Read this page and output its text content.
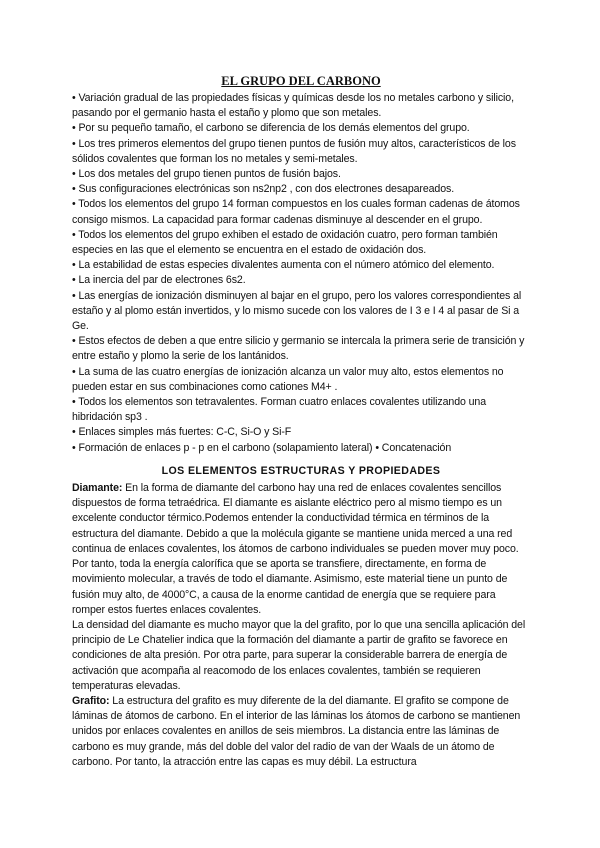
EL GRUPO DEL CARBONO

• Variación gradual de las propiedades físicas y químicas desde los no metales carbono y silicio, pasando por el germanio hasta el estaño y plomo que son metales.

• Por su pequeño tamaño, el carbono se diferencia de los demás elementos del grupo.

• Los tres primeros elementos del grupo tienen puntos de fusión muy altos, característicos de los sólidos covalentes que forman los no metales y semi-metales.

• Los dos metales del grupo tienen puntos de fusión bajos.

• Sus configuraciones electrónicas son ns2np2 , con dos electrones desapareados.

• Todos los elementos del grupo 14 forman compuestos en los cuales forman cadenas de átomos consigo mismos. La capacidad para formar cadenas disminuye al descender en el grupo.

• Todos los elementos del grupo exhiben el estado de oxidación cuatro, pero forman también especies en las que el elemento se encuentra en el estado de oxidación dos.

• La estabilidad de estas especies divalentes aumenta con el número atómico del elemento.

• La inercia del par de electrones 6s2.

• Las energías de ionización disminuyen al bajar en el grupo, pero los valores correspondientes al estaño y al plomo están invertidos, y lo mismo sucede con los valores de I 3 e I 4 al pasar de Si a Ge.

• Estos efectos de deben a que entre silicio y germanio se intercala la primera serie de transición y entre estaño y plomo la serie de los lantánidos.

• La suma de las cuatro energías de ionización alcanza un valor muy alto, estos elementos no pueden estar en sus combinaciones como cationes M4+ .

• Todos los elementos son tetravalentes. Forman cuatro enlaces covalentes utilizando una hibridación sp3 .

• Enlaces simples más fuertes: C-C, Si-O y Si-F

• Formación de enlaces p - p en el carbono (solapamiento lateral) • Concatenación

LOS ELEMENTOS ESTRUCTURAS Y PROPIEDADES

Diamante: En la forma de diamante del carbono hay una red de enlaces covalentes sencillos dispuestos de forma tetraédrica. El diamante es aislante eléctrico pero al mismo tiempo es un excelente conductor térmico.Podemos entender la conductividad térmica en términos de la estructura del diamante. Debido a que la molécula gigante se mantiene unida merced a una red continua de enlaces covalentes, los átomos de carbono individuales se pueden mover muy poco. Por tanto, toda la energía calorífica que se aporta se transfiere, directamente, en forma de movimiento molecular, a través de todo el diamante. Asimismo, este material tiene un punto de fusión muy alto, de 4000°C, a causa de la enorme cantidad de energía que se requiere para romper estos fuertes enlaces covalentes.

La densidad del diamante es mucho mayor que la del grafito, por lo que una sencilla aplicación del principio de Le Chatelier indica que la formación del diamante a partir de grafito se favorece en condiciones de alta presión. Por otra parte, para superar la considerable barrera de energía de activación que acompaña al reacomodo de los enlaces covalentes, también se requieren temperaturas elevadas.

Grafito: La estructura del grafito es muy diferente de la del diamante. El grafito se compone de láminas de átomos de carbono. En el interior de las láminas los átomos de carbono se mantienen unidos por enlaces covalentes en anillos de seis miembros. La distancia entre las láminas de carbono es muy grande, más del doble del valor del radio de van der Waals de un átomo de carbono. Por tanto, la atracción entre las capas es muy débil. La estructura
